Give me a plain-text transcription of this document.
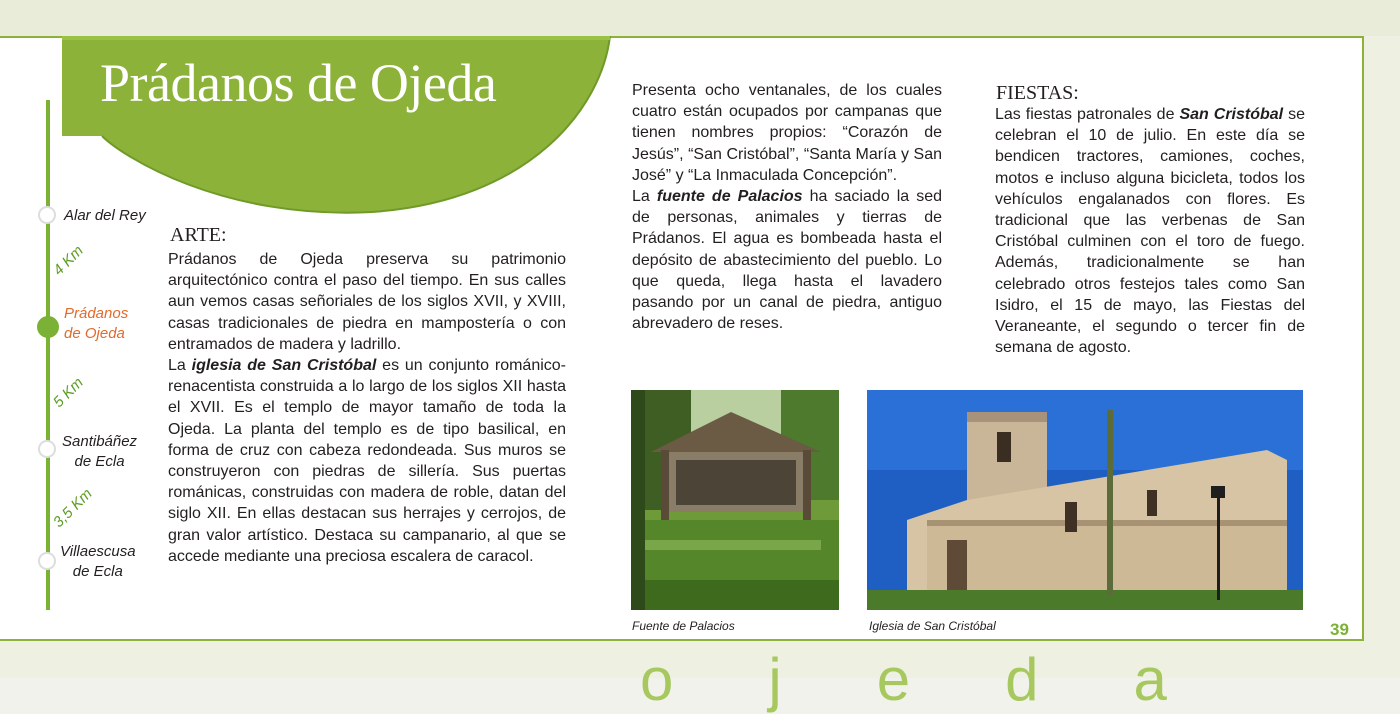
Prádanos de Ojeda
Alar del Rey
4 Km
Prádanos
de Ojeda
5 Km
Santibáñez
de Ecla
3,5 Km
Villaescusa
de Ecla
ARTE:

Prádanos de Ojeda preserva su patrimonio arquitectónico contra el paso del tiempo. En sus calles aun vemos casas señoriales de los siglos XVII, y XVIII, casas tradicionales de piedra en mampostería o con entramados de madera y ladrillo.

La iglesia de San Cristóbal es un conjunto románico-renacentista construida a lo largo de los siglos XII hasta el XVII. Es el templo de mayor tamaño de toda la Ojeda. La planta del templo es de tipo basilical, en forma de cruz con cabeza redondeada. Sus muros se construyeron con piedras de sillería. Sus puertas románicas, construidas con madera de roble, datan del siglo XII. En ellas destacan sus herrajes y cerrojos, de gran valor artístico. Destaca su campanario, al que se accede mediante una preciosa escalera de caracol.

Presenta ocho ventanales, de los cuales cuatro están ocupados por campanas que tienen nombres propios: “Corazón de Jesús”, “San Cristóbal”, “Santa María y San José” y “La Inmaculada Concepción”.

La fuente de Palacios ha saciado la sed de personas, animales y tierras de Prádanos. El agua es bombeada hasta el depósito de abastecimiento del pueblo. Lo que queda, llega hasta el lavadero pasando por un canal de piedra, antiguo abrevadero de reses.

FIESTAS:

Las fiestas patronales de San Cristóbal se celebran el 10 de julio. En este día se bendicen tractores, camiones, coches, motos e incluso alguna bicicleta, todos los vehículos engalanados con flores. Es tradicional que las verbenas de San Cristóbal culminen con el toro de fuego. Además, tradicionalmente se han celebrado otros festejos tales como San Isidro, el 15 de mayo, las Fiestas del Veraneante, el segundo o tercer fin de semana de agosto.

Fuente de Palacios	Iglesia de San Cristóbal	39
ojeda
